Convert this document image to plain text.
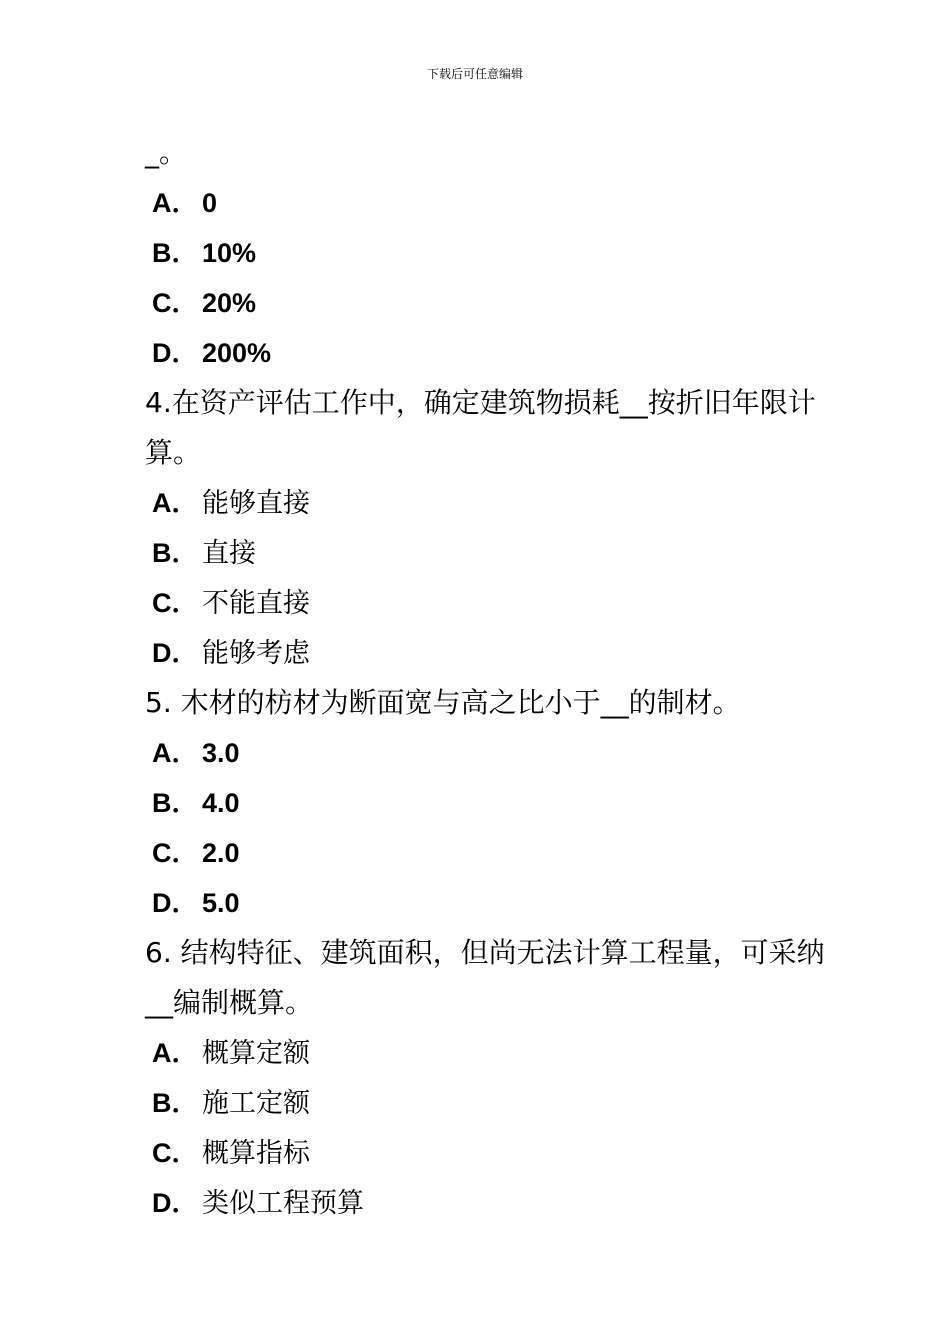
下载后可任意编辑
_。
A． 0
B． 10%
C． 20%
D． 200%
4.在资产评估工作中，确定建筑物损耗__按折旧年限计算。
A． 能够直接
B． 直接
C． 不能直接
D． 能够考虑
5. 木材的枋材为断面宽与高之比小于__的制材。
A． 3.0
B． 4.0
C． 2.0
D． 5.0
6. 结构特征、建筑面积，但尚无法计算工程量，可采纳__编制概算。
A． 概算定额
B． 施工定额
C． 概算指标
D． 类似工程预算
